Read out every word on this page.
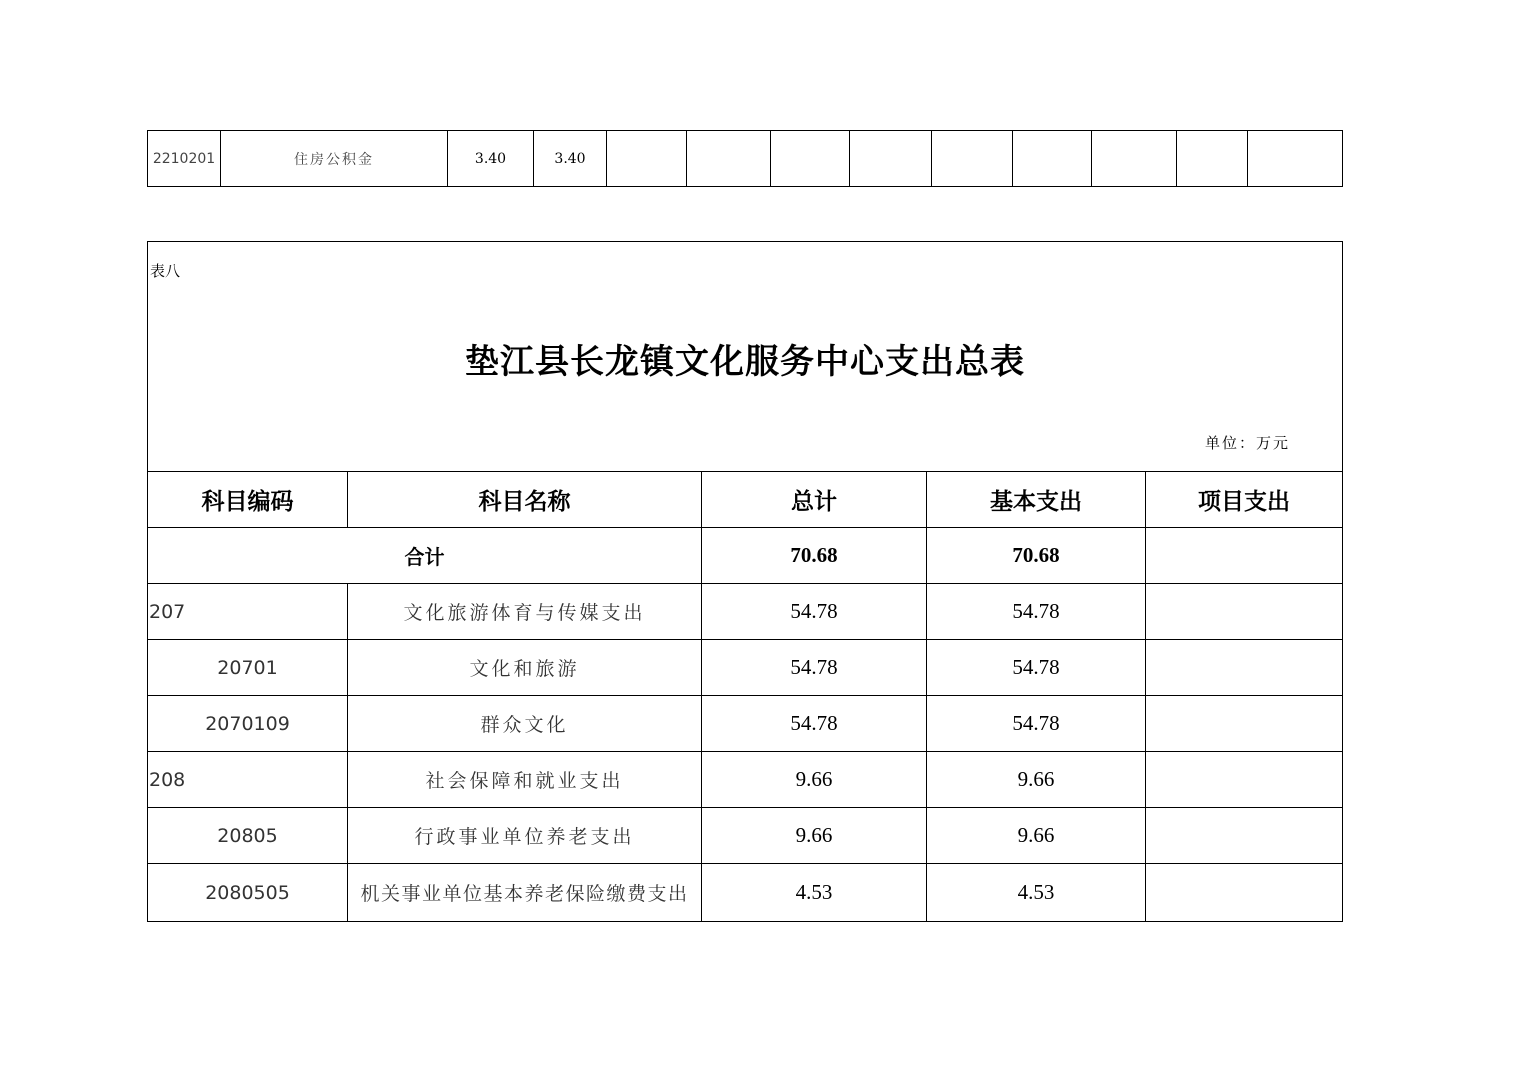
2210201	住房公积金	3.40	3.40									
表八
垫江县长龙镇文化服务中心支出总表
单位：万元				

科目编码	科目名称	总计	基本支出	项目支出
合计		70.68	70.68	
207	文化旅游体育与传媒支出	54.78	54.78	
20701	文化和旅游	54.78	54.78	
2070109	群众文化	54.78	54.78	
208	社会保障和就业支出	9.66	9.66	
20805	行政事业单位养老支出	9.66	9.66	
2080505	机关事业单位基本养老保险缴费支出	4.53	4.53	
